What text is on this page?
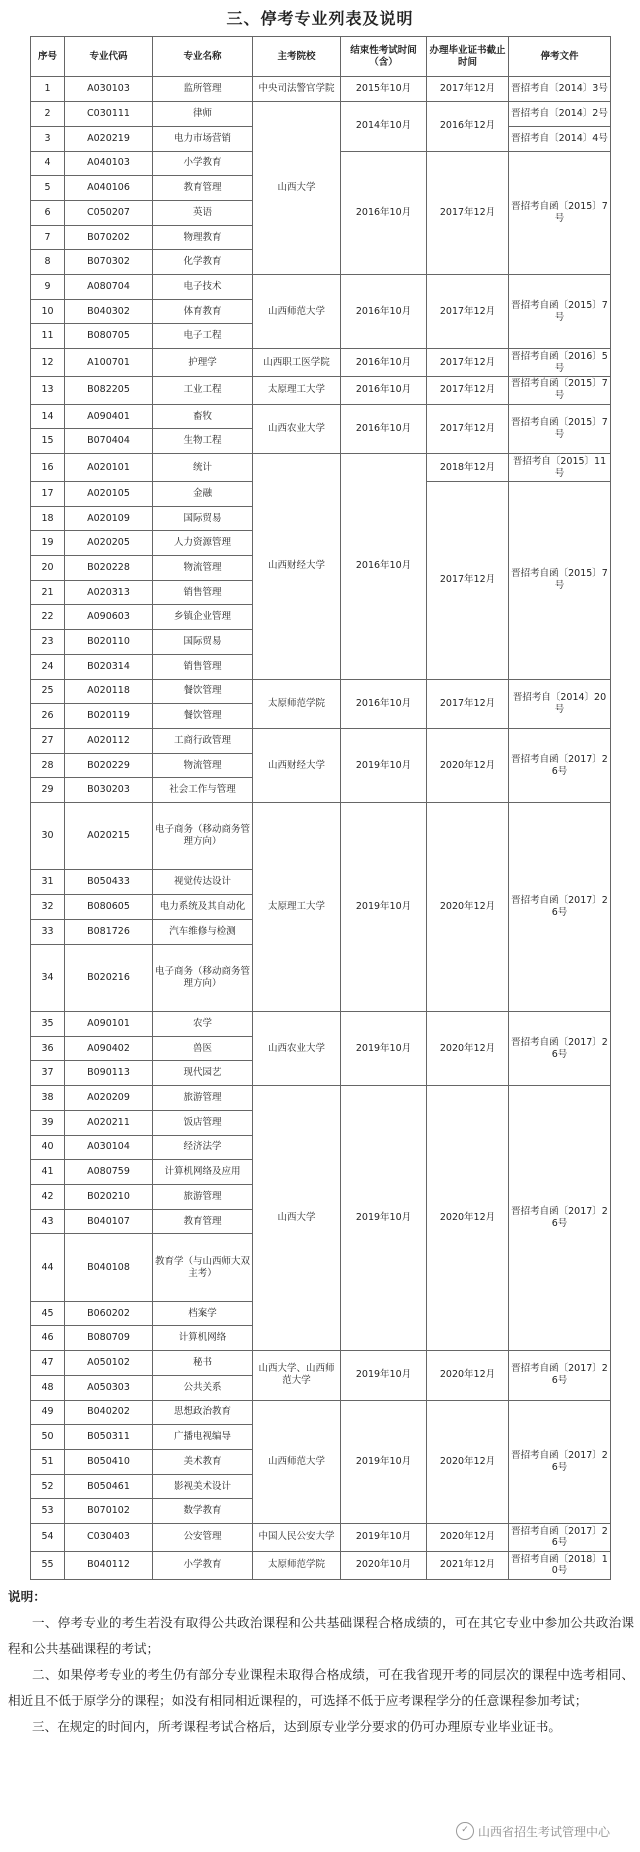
三、停考专业列表及说明
序号	专业代码	专业名称	主考院校	结束性考试时间（含）	办理毕业证书截止时间	停考文件
1	A030103	监所管理	中央司法警官学院	2015年10月	2017年12月	晋招考自〔2014〕3号
2	C030111	律师	山西大学	2014年10月	2016年12月	晋招考自〔2014〕2号
3	A020219	电力市场营销				晋招考自〔2014〕4号
4	A040103	小学教育		2016年10月	2017年12月	晋招考自函〔2015〕7号
5	A040106	教育管理				
6	C050207	英语				
7	B070202	物理教育				
8	B070302	化学教育				
9	A080704	电子技术	山西师范大学	2016年10月	2017年12月	晋招考自函〔2015〕7号
10	B040302	体育教育				
11	B080705	电子工程				
12	A100701	护理学	山西职工医学院	2016年10月	2017年12月	晋招考自函〔2016〕5号
13	B082205	工业工程	太原理工大学	2016年10月	2017年12月	晋招考自函〔2015〕7号
14	A090401	畜牧	山西农业大学	2016年10月	2017年12月	晋招考自函〔2015〕7号
15	B070404	生物工程				
16	A020101	统计	山西财经大学	2016年10月	2018年12月	晋招考自〔2015〕11号
17	A020105	金融			2017年12月	晋招考自函〔2015〕7号
18	A020109	国际贸易				
19	A020205	人力资源管理				
20	B020228	物流管理				
21	A020313	销售管理				
22	A090603	乡镇企业管理				
23	B020110	国际贸易				
24	B020314	销售管理				
25	A020118	餐饮管理	太原师范学院	2016年10月	2017年12月	晋招考自〔2014〕20号
26	B020119	餐饮管理				
27	A020112	工商行政管理	山西财经大学	2019年10月	2020年12月	晋招考自函〔2017〕26号
28	B020229	物流管理				
29	B030203	社会工作与管理				
30	A020215	电子商务（移动商务管理方向）	太原理工大学	2019年10月	2020年12月	晋招考自函〔2017〕26号
31	B050433	视觉传达设计				
32	B080605	电力系统及其自动化				
33	B081726	汽车维修与检测				
34	B020216	电子商务（移动商务管理方向）				
35	A090101	农学	山西农业大学	2019年10月	2020年12月	晋招考自函〔2017〕26号
36	A090402	兽医				
37	B090113	现代园艺				
38	A020209	旅游管理	山西大学	2019年10月	2020年12月	晋招考自函〔2017〕26号
39	A020211	饭店管理				
40	A030104	经济法学				
41	A080759	计算机网络及应用				
42	B020210	旅游管理				
43	B040107	教育管理				
44	B040108	教育学（与山西师大双主考）				
45	B060202	档案学				
46	B080709	计算机网络				
47	A050102	秘书	山西大学、山西师范大学	2019年10月	2020年12月	晋招考自函〔2017〕26号
48	A050303	公共关系				
49	B040202	思想政治教育	山西师范大学	2019年10月	2020年12月	晋招考自函〔2017〕26号
50	B050311	广播电视编导				
51	B050410	美术教育				
52	B050461	影视美术设计				
53	B070102	数学教育				
54	C030403	公安管理	中国人民公安大学	2019年10月	2020年12月	晋招考自函〔2017〕26号
55	B040112	小学教育	太原师范学院	2020年10月	2021年12月	晋招考自函〔2018〕10号
说明：

一、停考专业的考生若没有取得公共政治课程和公共基础课程合格成绩的，可在其它专业中参加公共政治课程和公共基础课程的考试；

二、如果停考专业的考生仍有部分专业课程未取得合格成绩，可在我省现开考的同层次的课程中选考相同、相近且不低于原学分的课程；如没有相同相近课程的，可选择不低于应考课程学分的任意课程参加考试；

三、在规定的时间内，所考课程考试合格后，达到原专业学分要求的仍可办理原专业毕业证书。

✓ 山西省招生考试管理中心
